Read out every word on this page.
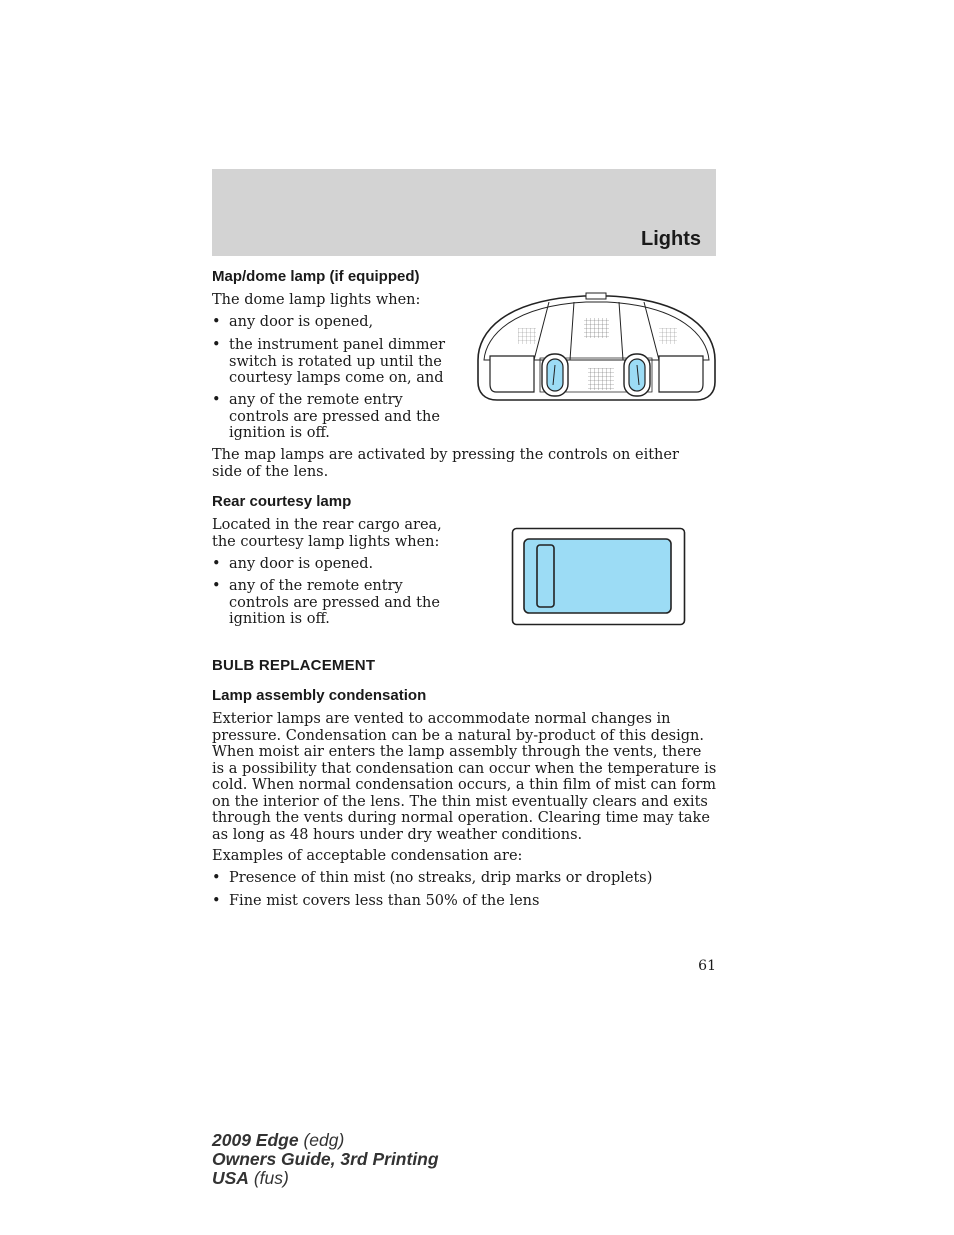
Lights
Map/dome lamp (if equipped)

The dome lamp lights when:

• any door is opened,
• the instrument panel dimmer switch is rotated up until the courtesy lamps come on, and
• any of the remote entry controls are pressed and the ignition is off.

The map lamps are activated by pressing the controls on either side of the lens.

Rear courtesy lamp

Located in the rear cargo area, the courtesy lamp lights when:

• any door is opened.
• any of the remote entry controls are pressed and the ignition is off.
BULB REPLACEMENT
Lamp assembly condensation

Exterior lamps are vented to accommodate normal changes in pressure. Condensation can be a natural by-product of this design. When moist air enters the lamp assembly through the vents, there is a possibility that condensation can occur when the temperature is cold. When normal condensation occurs, a thin film of mist can form on the interior of the lens. The thin mist eventually clears and exits through the vents during normal operation. Clearing time may take as long as 48 hours under dry weather conditions.

Examples of acceptable condensation are:

• Presence of thin mist (no streaks, drip marks or droplets)
• Fine mist covers less than 50% of the lens
61
2009 Edge (edg)
Owners Guide, 3rd Printing
USA (fus)
